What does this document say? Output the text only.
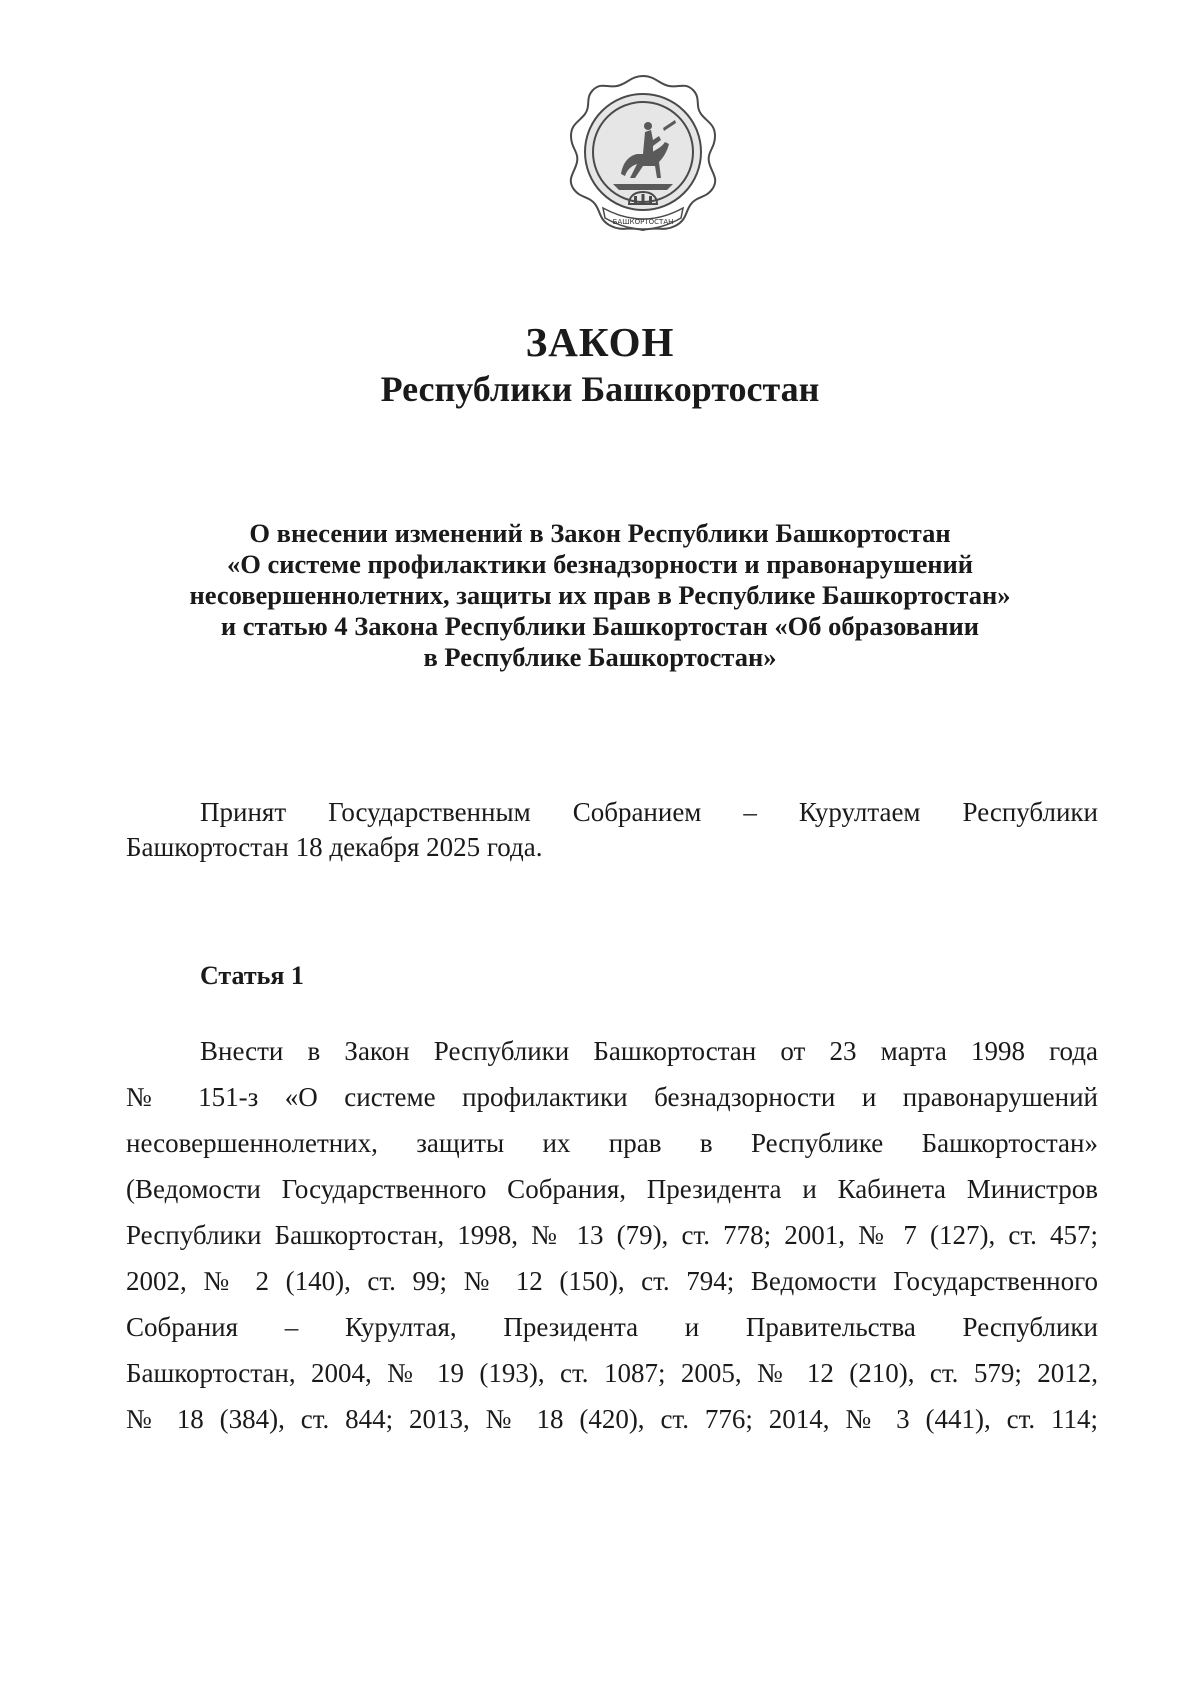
БАШКОРТОСТАН
ЗАКОН
Республики Башкортостан
О внесении изменений в Закон Республики Башкортостан
«О системе профилактики безнадзорности и правонарушений
несовершеннолетних, защиты их прав в Республике Башкортостан»
и статью 4 Закона Республики Башкортостан «Об образовании
в Республике Башкортостан»
Принят Государственным Собранием – Курултаем Республики
Башкортостан 18 декабря 2025 года.
Статья 1
Внести в Закон Республики Башкортостан от 23 марта 1998 года
№ 151-з «О системе профилактики безнадзорности и правонарушений
несовершеннолетних, защиты их прав в Республике Башкортостан»
(Ведомости Государственного Собрания, Президента и Кабинета Министров
Республики Башкортостан, 1998, № 13 (79), ст. 778; 2001, № 7 (127), ст. 457;
2002, № 2 (140), ст. 99; № 12 (150), ст. 794; Ведомости Государственного
Собрания – Курултая, Президента и Правительства Республики
Башкортостан, 2004, № 19 (193), ст. 1087; 2005, № 12 (210), ст. 579; 2012,
№ 18 (384), ст. 844; 2013, № 18 (420), ст. 776; 2014, № 3 (441), ст. 114;
